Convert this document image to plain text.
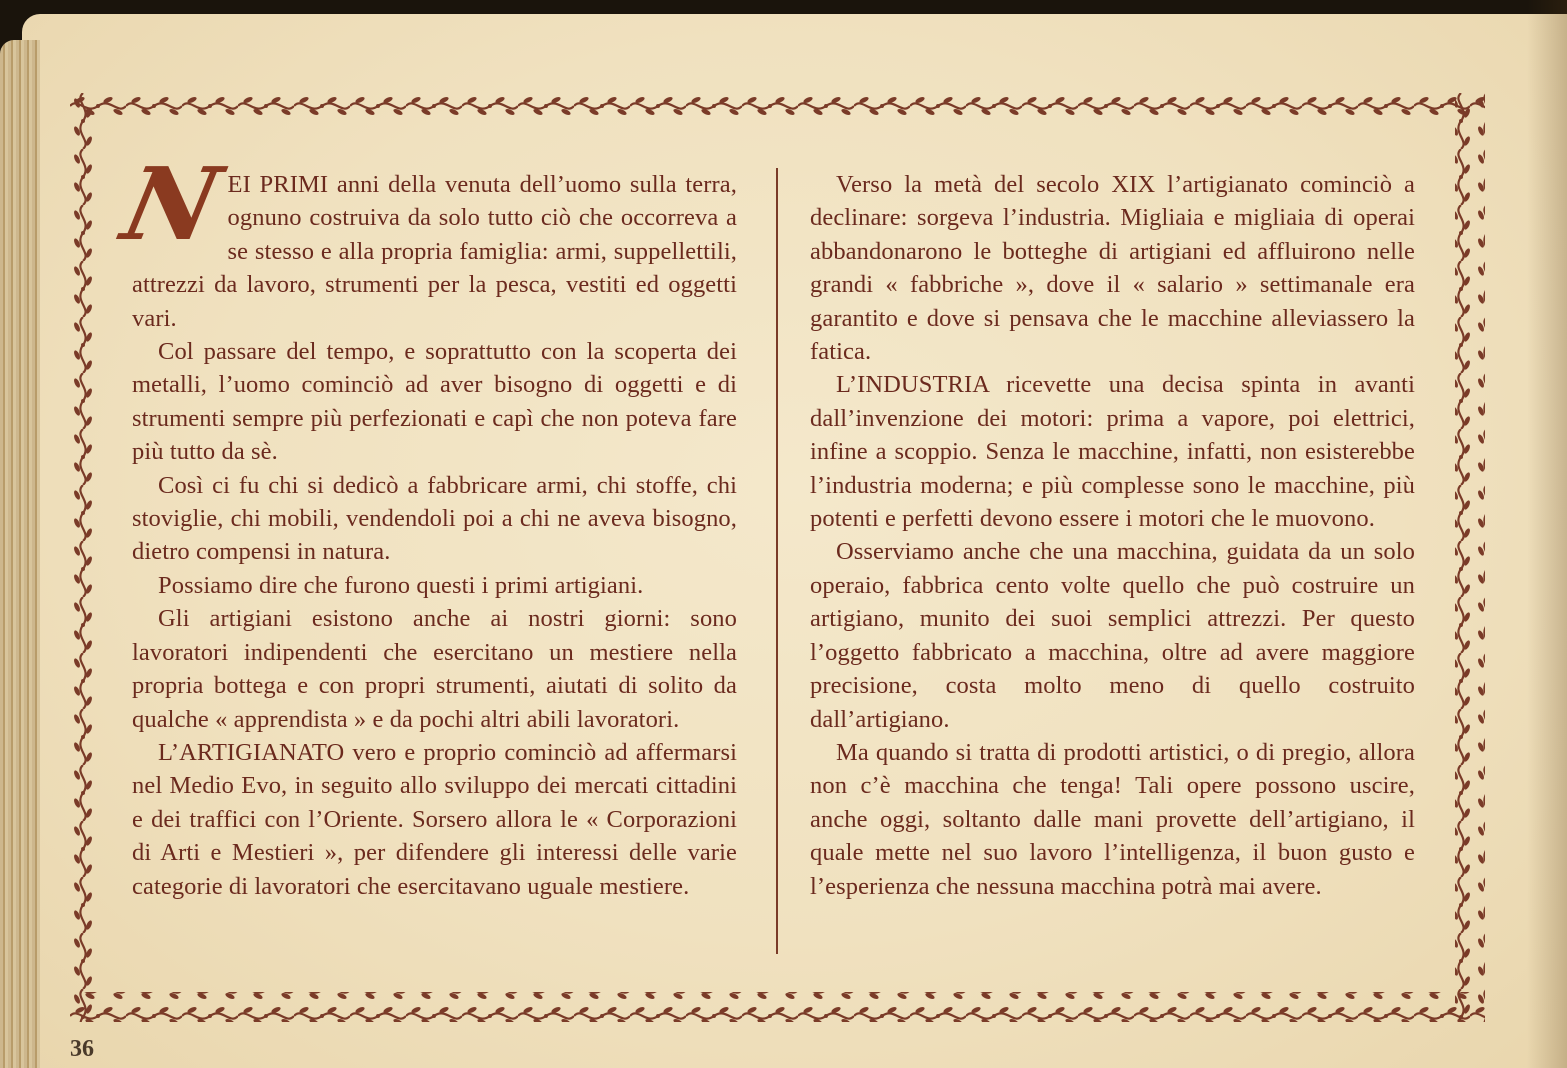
N
EI PRIMI anni della venuta dell’uomo sulla terra, ognuno costruiva da solo tutto ciò che occorreva a se stesso e alla propria famiglia: armi, suppellettili, attrezzi da lavoro, strumenti per la pesca, vestiti ed oggetti vari.

Col passare del tempo, e soprattutto con la scoperta dei metalli, l’uomo cominciò ad aver bisogno di oggetti e di strumenti sempre più perfezionati e capì che non poteva fare più tutto da sè.

Così ci fu chi si dedicò a fabbricare armi, chi stoffe, chi stoviglie, chi mobili, vendendoli poi a chi ne aveva bisogno, dietro compensi in natura.

Possiamo dire che furono questi i primi artigiani.

Gli artigiani esistono anche ai nostri giorni: sono lavoratori indipendenti che esercitano un mestiere nella propria bottega e con propri strumenti, aiutati di solito da qualche « apprendista » e da pochi altri abili lavoratori.

L’ARTIGIANATO vero e proprio cominciò ad affermarsi nel Medio Evo, in seguito allo sviluppo dei mercati cittadini e dei traffici con l’Oriente. Sorsero allora le « Corporazioni di Arti e Mestieri », per difendere gli interessi delle varie categorie di lavoratori che esercitavano uguale mestiere.

Verso la metà del secolo XIX l’artigianato cominciò a declinare: sorgeva l’industria. Migliaia e migliaia di operai abbandonarono le botteghe di artigiani ed affluirono nelle grandi « fabbriche », dove il « salario » settimanale era garantito e dove si pensava che le macchine alleviassero la fatica.

L’INDUSTRIA ricevette una decisa spinta in avanti dall’invenzione dei motori: prima a vapore, poi elettrici, infine a scoppio. Senza le macchine, infatti, non esisterebbe l’industria moderna; e più complesse sono le macchine, più potenti e perfetti devono essere i motori che le muovono.

Osserviamo anche che una macchina, guidata da un solo operaio, fabbrica cento volte quello che può costruire un artigiano, munito dei suoi semplici attrezzi. Per questo l’oggetto fabbricato a macchina, oltre ad avere maggiore precisione, costa molto meno di quello costruito dall’artigiano.

Ma quando si tratta di prodotti artistici, o di pregio, allora non c’è macchina che tenga! Tali opere possono uscire, anche oggi, soltanto dalle mani provette dell’artigiano, il quale mette nel suo lavoro l’intelligenza, il buon gusto e l’esperienza che nessuna macchina potrà mai avere.

36
